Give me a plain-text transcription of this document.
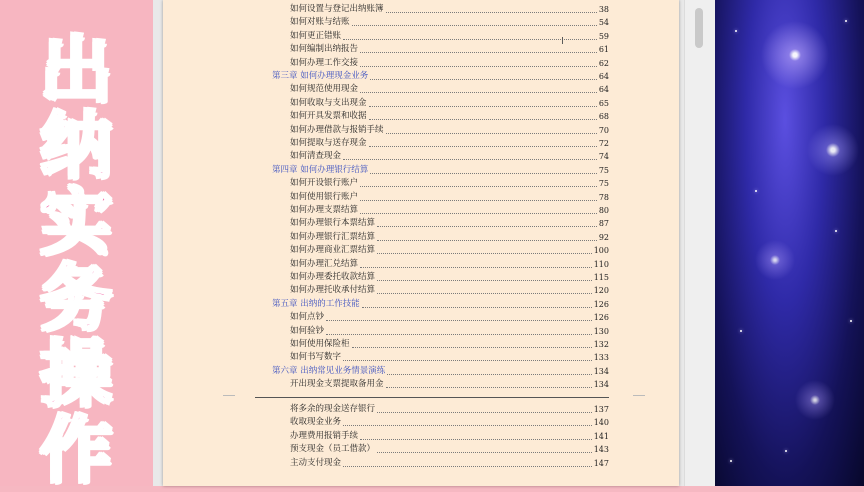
出
纳
实
务
操
作
如何设置与登记出纳账簿	38
如何对账与结账	54
如何更正错账	59
如何编制出纳报告	61
如何办理工作交接	62
第三章 如何办理现金业务	64
如何规范使用现金	64
如何收取与支出现金	65
如何开具发票和收据	68
如何办理借款与报销手续	70
如何提取与送存现金	72
如何清查现金	74
第四章 如何办理银行结算	75
如何开设银行账户	75
如何使用银行账户	78
如何办理支票结算	80
如何办理银行本票结算	87
如何办理银行汇票结算	92
如何办理商业汇票结算	100
如何办理汇兑结算	110
如何办理委托收款结算	115
如何办理托收承付结算	120
第五章 出纳的工作技能	126
如何点钞	126
如何验钞	130
如何使用保险柜	132
如何书写数字	133
第六章 出纳常见业务情景演练	134
开出现金支票提取备用金	134
将多余的现金送存银行	137
收取现金业务	140
办理费用报销手续	141
预支现金（员工借款）	143
主动支付现金	147
I
